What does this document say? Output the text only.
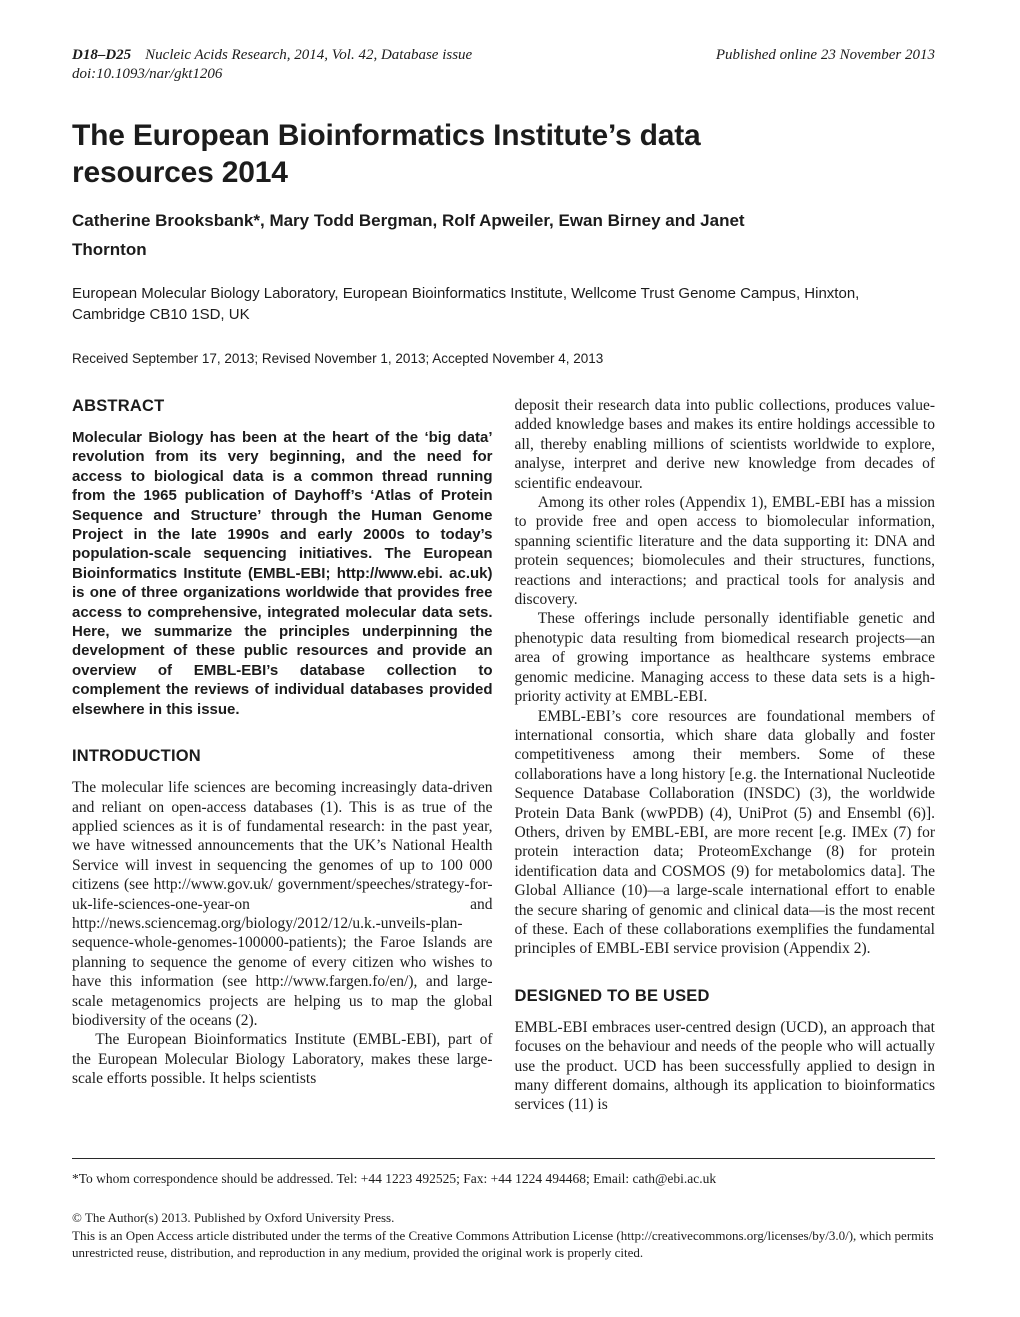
D18–D25 Nucleic Acids Research, 2014, Vol. 42, Database issue	Published online 23 November 2013
doi:10.1093/nar/gkt1206
The European Bioinformatics Institute’s data resources 2014
Catherine Brooksbank*, Mary Todd Bergman, Rolf Apweiler, Ewan Birney and Janet Thornton
European Molecular Biology Laboratory, European Bioinformatics Institute, Wellcome Trust Genome Campus, Hinxton, Cambridge CB10 1SD, UK
Received September 17, 2013; Revised November 1, 2013; Accepted November 4, 2013
ABSTRACT

Molecular Biology has been at the heart of the ‘big data’ revolution from its very beginning, and the need for access to biological data is a common thread running from the 1965 publication of Dayhoff’s ‘Atlas of Protein Sequence and Structure’ through the Human Genome Project in the late 1990s and early 2000s to today’s population-scale sequencing initiatives. The European Bioinformatics Institute (EMBL-EBI; http://www.ebi. ac.uk) is one of three organizations worldwide that provides free access to comprehensive, integrated molecular data sets. Here, we summarize the principles underpinning the development of these public resources and provide an overview of EMBL-EBI’s database collection to complement the reviews of individual databases provided elsewhere in this issue.

INTRODUCTION

The molecular life sciences are becoming increasingly data-driven and reliant on open-access databases (1). This is as true of the applied sciences as it is of fundamental research: in the past year, we have witnessed announcements that the UK’s National Health Service will invest in sequencing the genomes of up to 100 000 citizens (see http://www.gov.uk/ government/speeches/strategy-for-uk-life-sciences-one-year-on and http://news.sciencemag.org/biology/2012/12/u.k.-unveils-plan-sequence-whole-genomes-100000-patients); the Faroe Islands are planning to sequence the genome of every citizen who wishes to have this information (see http://www.fargen.fo/en/), and large-scale metagenomics projects are helping us to map the global biodiversity of the oceans (2).

The European Bioinformatics Institute (EMBL-EBI), part of the European Molecular Biology Laboratory, makes these large-scale efforts possible. It helps scientists

deposit their research data into public collections, produces value-added knowledge bases and makes its entire holdings accessible to all, thereby enabling millions of scientists worldwide to explore, analyse, interpret and derive new knowledge from decades of scientific endeavour.

Among its other roles (Appendix 1), EMBL-EBI has a mission to provide free and open access to biomolecular information, spanning scientific literature and the data supporting it: DNA and protein sequences; biomolecules and their structures, functions, reactions and interactions; and practical tools for analysis and discovery.

These offerings include personally identifiable genetic and phenotypic data resulting from biomedical research projects—an area of growing importance as healthcare systems embrace genomic medicine. Managing access to these data sets is a high-priority activity at EMBL-EBI.

EMBL-EBI’s core resources are foundational members of international consortia, which share data globally and foster competitiveness among their members. Some of these collaborations have a long history [e.g. the International Nucleotide Sequence Database Collaboration (INSDC) (3), the worldwide Protein Data Bank (wwPDB) (4), UniProt (5) and Ensembl (6)]. Others, driven by EMBL-EBI, are more recent [e.g. IMEx (7) for protein interaction data; ProteomExchange (8) for protein identification data and COSMOS (9) for metabolomics data]. The Global Alliance (10)—a large-scale international effort to enable the secure sharing of genomic and clinical data—is the most recent of these. Each of these collaborations exemplifies the fundamental principles of EMBL-EBI service provision (Appendix 2).

DESIGNED TO BE USED

EMBL-EBI embraces user-centred design (UCD), an approach that focuses on the behaviour and needs of the people who will actually use the product. UCD has been successfully applied to design in many different domains, although its application to bioinformatics services (11) is

*To whom correspondence should be addressed. Tel: +44 1223 492525; Fax: +44 1224 494468; Email: cath@ebi.ac.uk

© The Author(s) 2013. Published by Oxford University Press.

This is an Open Access article distributed under the terms of the Creative Commons Attribution License (http://creativecommons.org/licenses/by/3.0/), which permits unrestricted reuse, distribution, and reproduction in any medium, provided the original work is properly cited.
